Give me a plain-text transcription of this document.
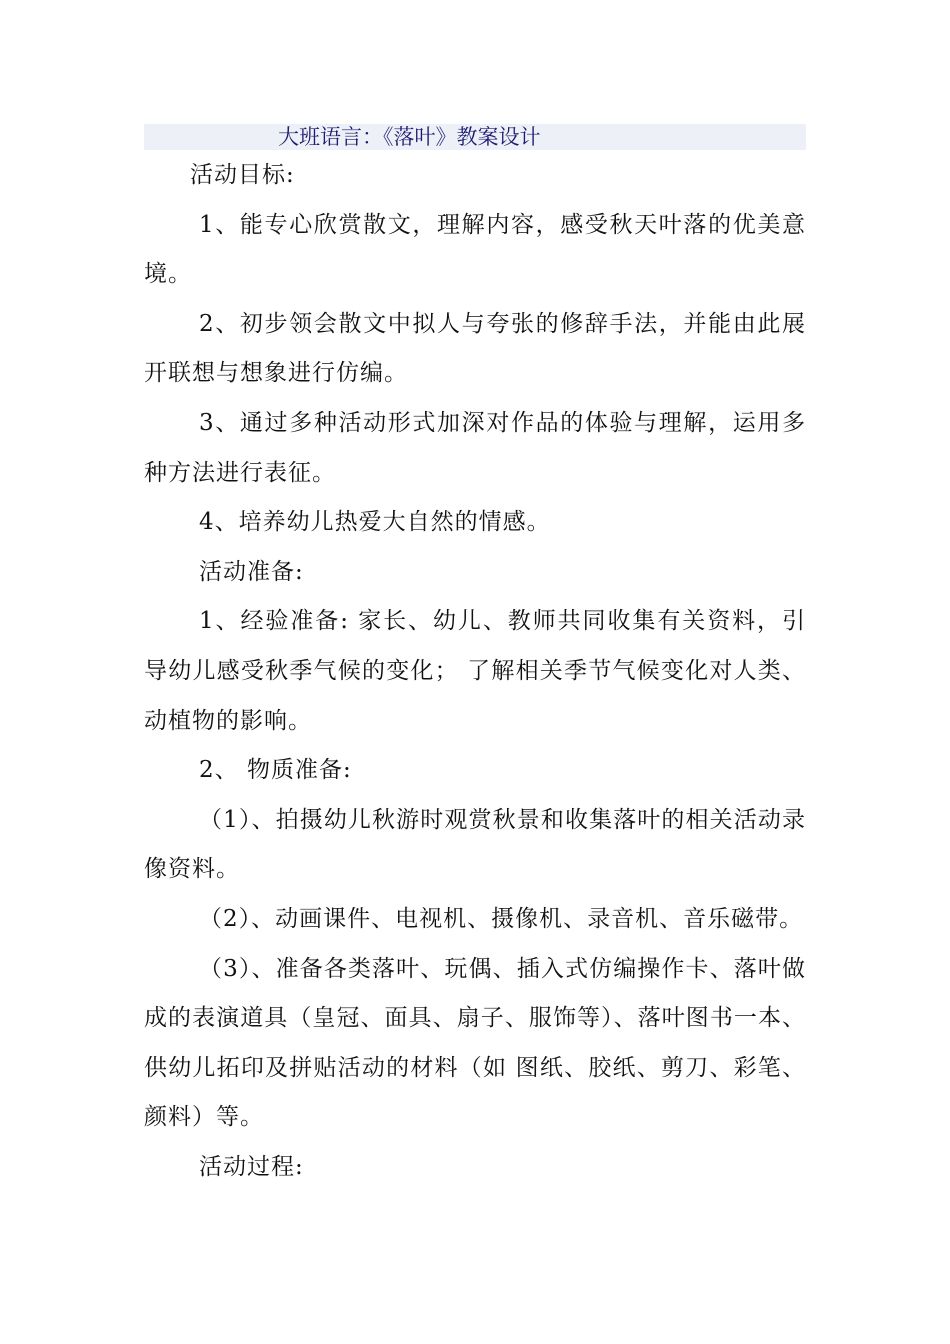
大班语言：《落叶》教案设计

活动目标:

1、能专心欣赏散文，理解内容，感受秋天叶落的优美意境。

2、初步领会散文中拟人与夸张的修辞手法，并能由此展开联想与想象进行仿编。

3、通过多种活动形式加深对作品的体验与理解，运用多种方法进行表征。

4、培养幼儿热爱大自然的情感。

活动准备:

1、经验准备: 家长、幼儿、教师共同收集有关资料，引导幼儿感受秋季气候的变化； 了解相关季节气候变化对人类、动植物的影响。

2、 物质准备:

（1）、拍摄幼儿秋游时观赏秋景和收集落叶的相关活动录像资料。

（2）、动画课件、电视机、摄像机、录音机、音乐磁带。

（3）、准备各类落叶、玩偶、插入式仿编操作卡、落叶做成的表演道具（皇冠、面具、扇子、服饰等）、落叶图书一本、供幼儿拓印及拼贴活动的材料（如 图纸、胶纸、剪刀、彩笔、颜料）等。

活动过程:
